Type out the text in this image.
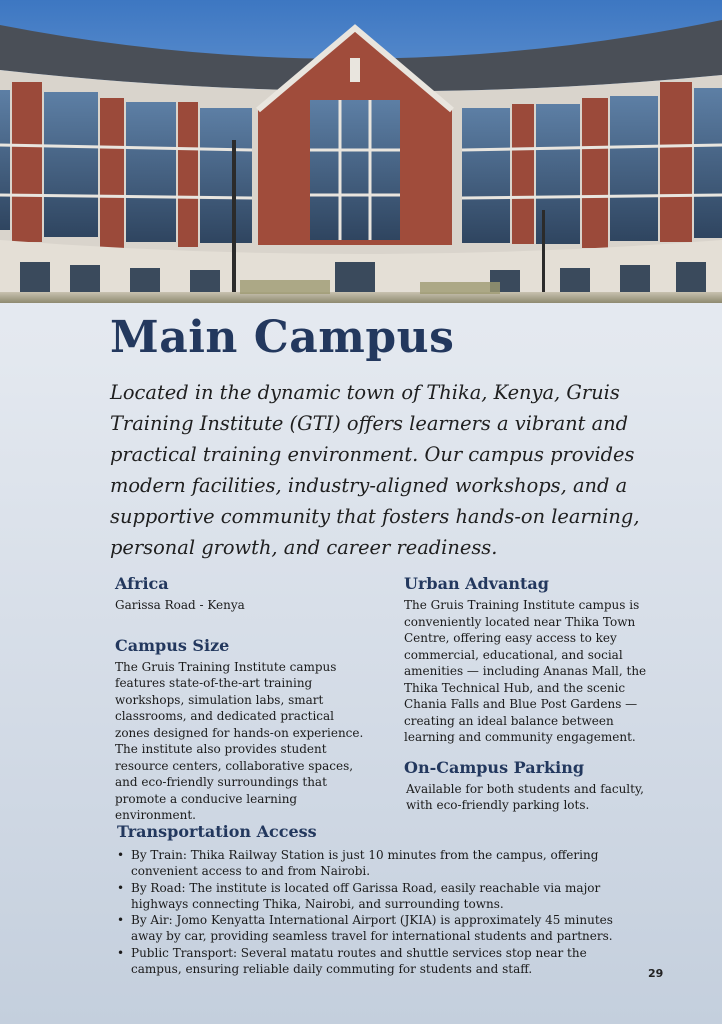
Main Campus

Located in the dynamic town of Thika, Kenya, Gruis Training Institute (GTI) offers learners a vibrant and practical training environment. Our campus provides modern facilities, industry-aligned workshops, and a supportive community that fosters hands-on learning, personal growth, and career readiness.

Africa

Garissa Road - Kenya

Campus Size

The Gruis Training Institute campus features state-of-the-art training workshops, simulation labs, smart classrooms, and dedicated practical zones designed for hands-on experience. The institute also provides student resource centers, collaborative spaces, and eco-friendly surroundings that promote a conducive learning environment.

Urban Advantag

The Gruis Training Institute campus is conveniently located near Thika Town Centre, offering easy access to key commercial, educational, and social amenities — including Ananas Mall, the Thika Technical Hub, and the scenic Chania Falls and Blue Post Gardens — creating an ideal balance between learning and community engagement.

On-Campus Parking

Available for both students and faculty, with eco-friendly parking lots.

Transportation Access
• By Train: Thika Railway Station is just 10 minutes from the campus, offering convenient access to and from Nairobi.
• By Road: The institute is located off Garissa Road, easily reachable via major highways connecting Thika, Nairobi, and surrounding towns.
• By Air: Jomo Kenyatta International Airport (JKIA) is approximately 45 minutes away by car, providing seamless travel for international students and partners.
• Public Transport: Several matatu routes and shuttle services stop near the campus, ensuring reliable daily commuting for students and staff.	29
